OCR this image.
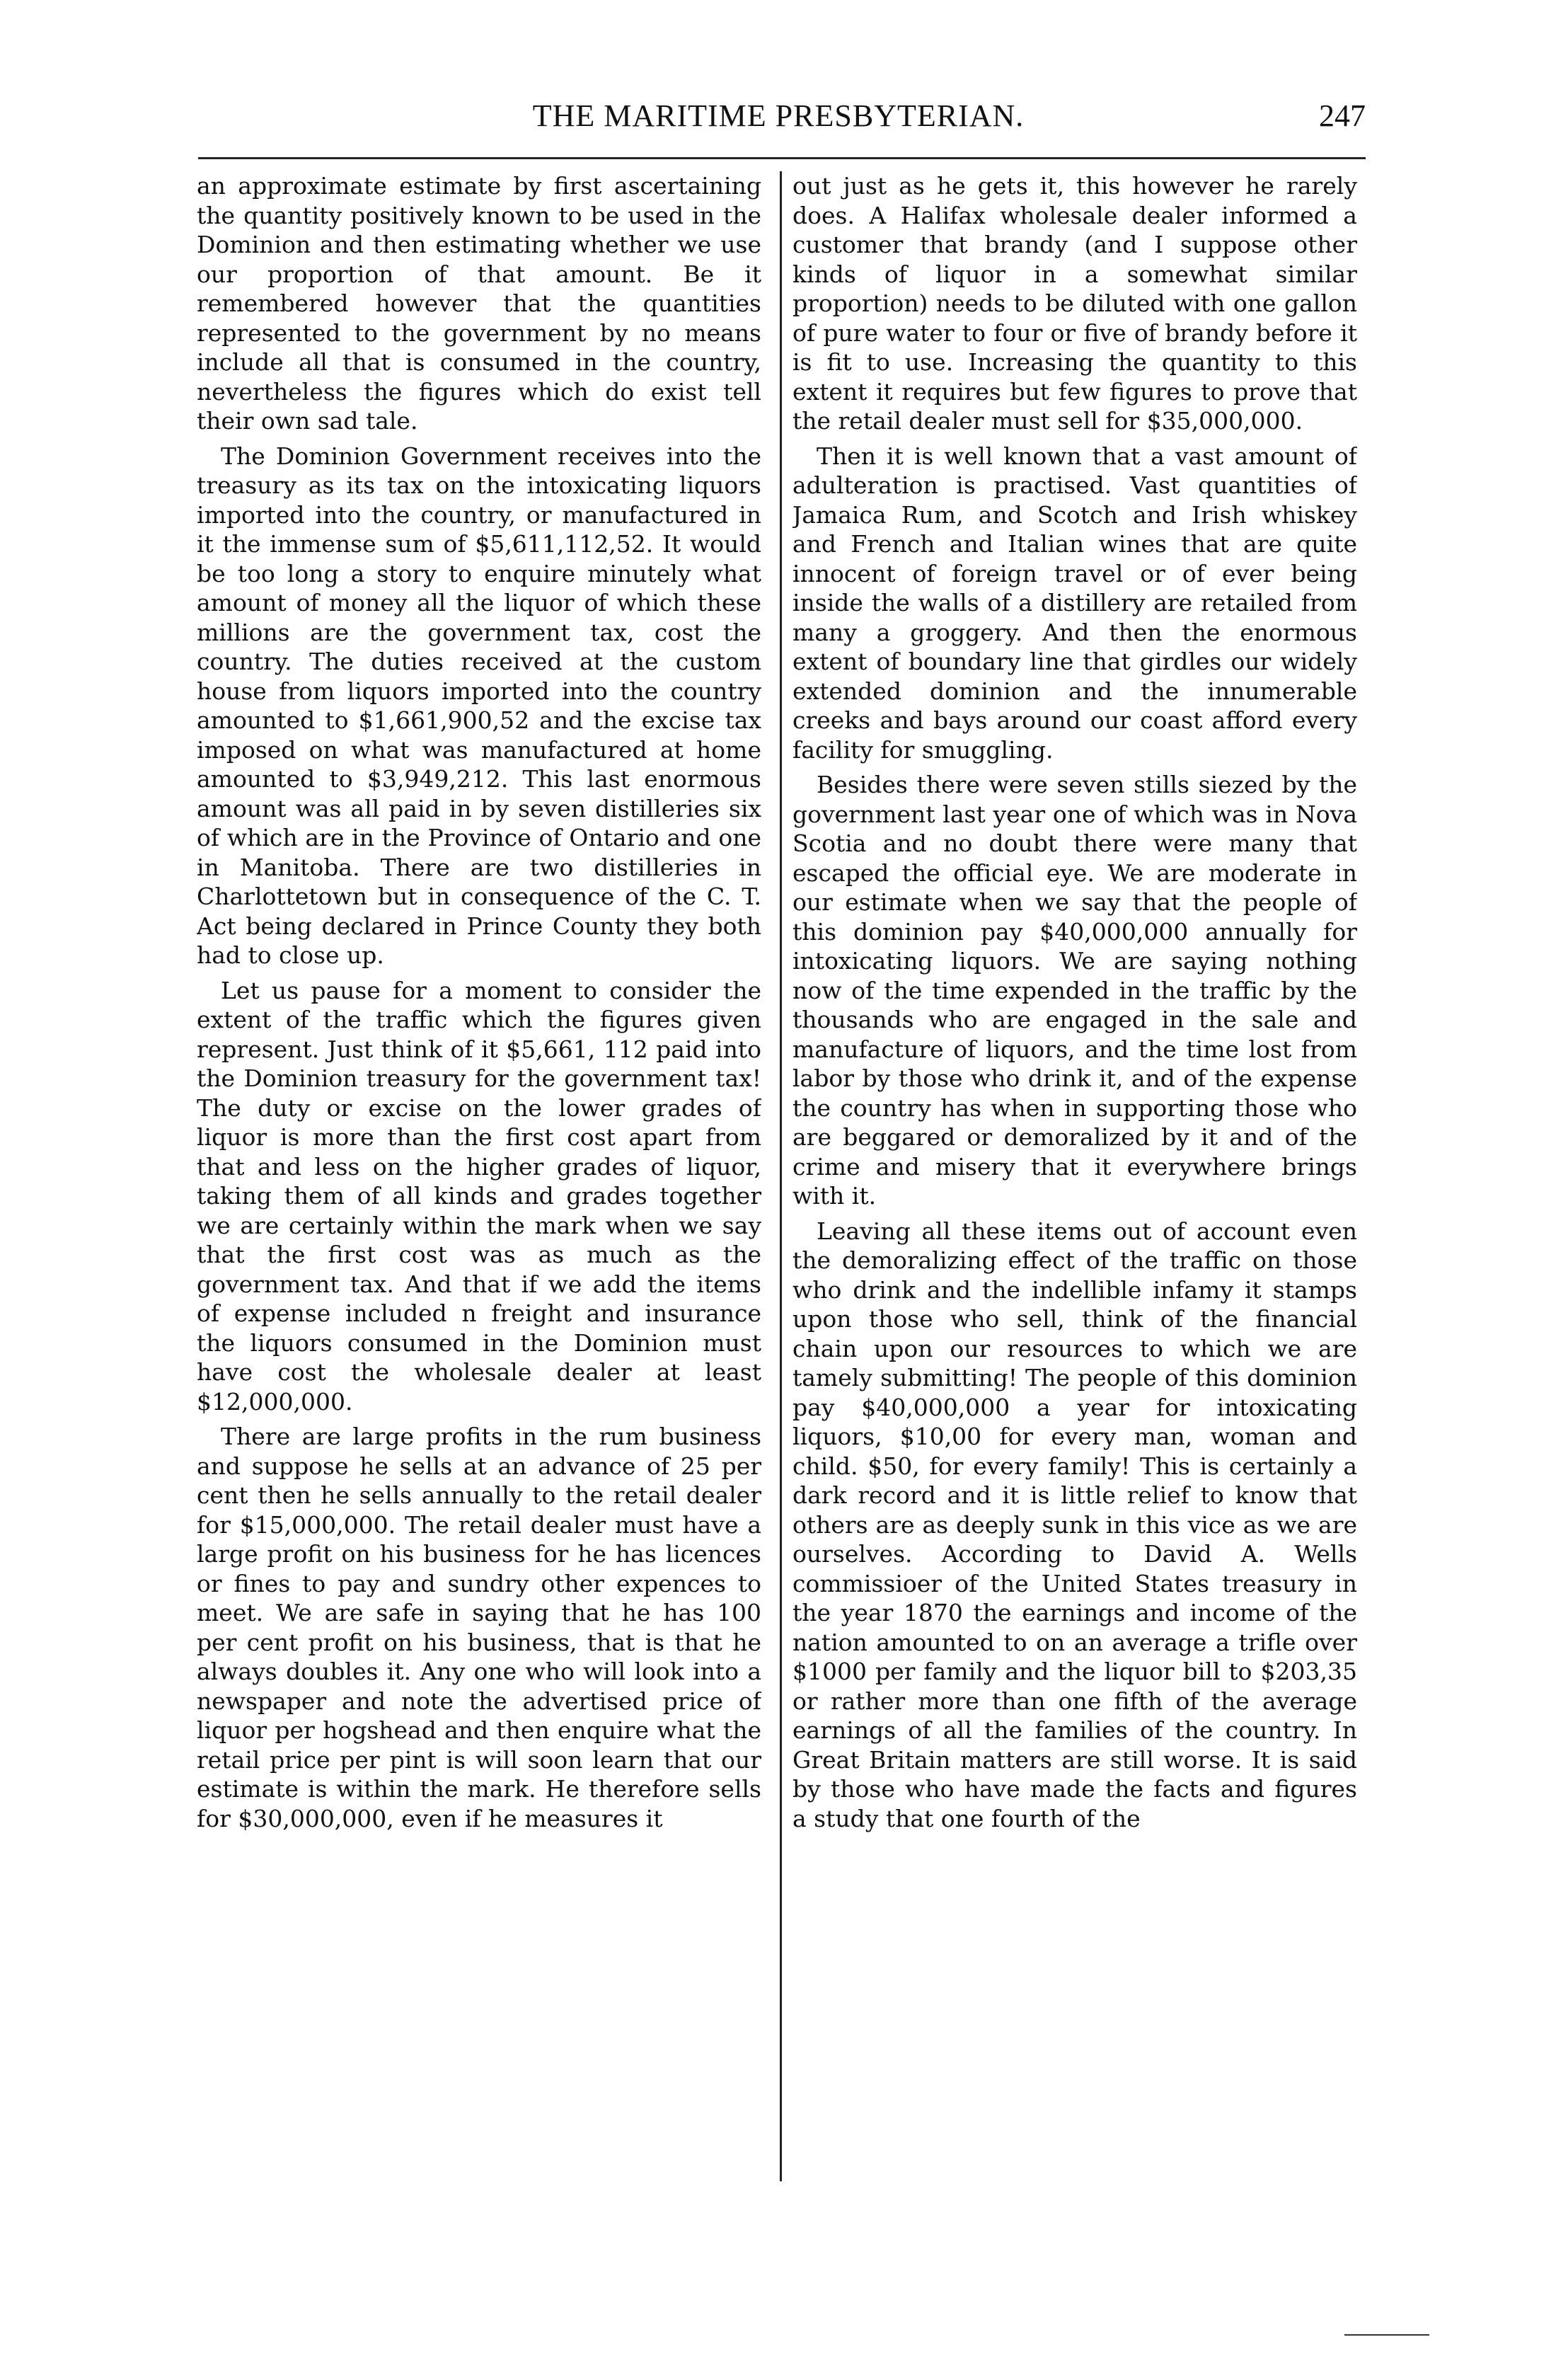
THE MARITIME PRESBYTERIAN.	247

an approximate estimate by first ascertaining the quantity positively known to be used in the Dominion and then estimating whether we use our proportion of that amount. Be it remembered however that the quantities represented to the government by no means include all that is consumed in the country, nevertheless the figures which do exist tell their own sad tale.

The Dominion Government receives into the treasury as its tax on the intoxicating liquors imported into the country, or manufactured in it the immense sum of $5,611,112,52. It would be too long a story to enquire minutely what amount of money all the liquor of which these millions are the government tax, cost the country. The duties received at the custom house from liquors imported into the country amounted to $1,661,900,52 and the excise tax imposed on what was manufactured at home amounted to $3,949,212. This last enormous amount was all paid in by seven distilleries six of which are in the Province of Ontario and one in Manitoba. There are two distilleries in Charlottetown but in consequence of the C. T. Act being declared in Prince County they both had to close up.

Let us pause for a moment to consider the extent of the traffic which the figures given represent. Just think of it $5,661, 112 paid into the Dominion treasury for the government tax! The duty or excise on the lower grades of liquor is more than the first cost apart from that and less on the higher grades of liquor, taking them of all kinds and grades together we are certainly within the mark when we say that the first cost was as much as the government tax. And that if we add the items of expense included n freight and insurance the liquors consumed in the Dominion must have cost the wholesale dealer at least $12,000,000.

There are large profits in the rum business and suppose he sells at an advance of 25 per cent then he sells annually to the retail dealer for $15,000,000. The retail dealer must have a large profit on his business for he has licences or fines to pay and sundry other expences to meet. We are safe in saying that he has 100 per cent profit on his business, that is that he always doubles it. Any one who will look into a newspaper and note the advertised price of liquor per hogshead and then enquire what the retail price per pint is will soon learn that our estimate is within the mark. He therefore sells for $30,000,000, even if he measures it

out just as he gets it, this however he rarely does. A Halifax wholesale dealer informed a customer that brandy (and I suppose other kinds of liquor in a somewhat similar proportion) needs to be diluted with one gallon of pure water to four or five of brandy before it is fit to use. Increasing the quantity to this extent it requires but few figures to prove that the retail dealer must sell for $35,000,000.

Then it is well known that a vast amount of adulteration is practised. Vast quantities of Jamaica Rum, and Scotch and Irish whiskey and French and Italian wines that are quite innocent of foreign travel or of ever being inside the walls of a distillery are retailed from many a groggery. And then the enormous extent of boundary line that girdles our widely extended dominion and the innumerable creeks and bays around our coast afford every facility for smuggling.

Besides there were seven stills siezed by the government last year one of which was in Nova Scotia and no doubt there were many that escaped the official eye. We are moderate in our estimate when we say that the people of this dominion pay $40,000,000 annually for intoxicating liquors. We are saying nothing now of the time expended in the traffic by the thousands who are engaged in the sale and manufacture of liquors, and the time lost from labor by those who drink it, and of the expense the country has when in supporting those who are beggared or demoralized by it and of the crime and misery that it everywhere brings with it.

Leaving all these items out of account even the demoralizing effect of the traffic on those who drink and the indellible infamy it stamps upon those who sell, think of the financial chain upon our resources to which we are tamely submitting! The people of this dominion pay $40,000,000 a year for intoxicating liquors, $10,00 for every man, woman and child. $50, for every family! This is certainly a dark record and it is little relief to know that others are as deeply sunk in this vice as we are ourselves. According to David A. Wells commissioer of the United States treasury in the year 1870 the earnings and income of the nation amounted to on an average a trifle over $1000 per family and the liquor bill to $203,35 or rather more than one fifth of the average earnings of all the families of the country. In Great Britain matters are still worse. It is said by those who have made the facts and figures a study that one fourth of the
